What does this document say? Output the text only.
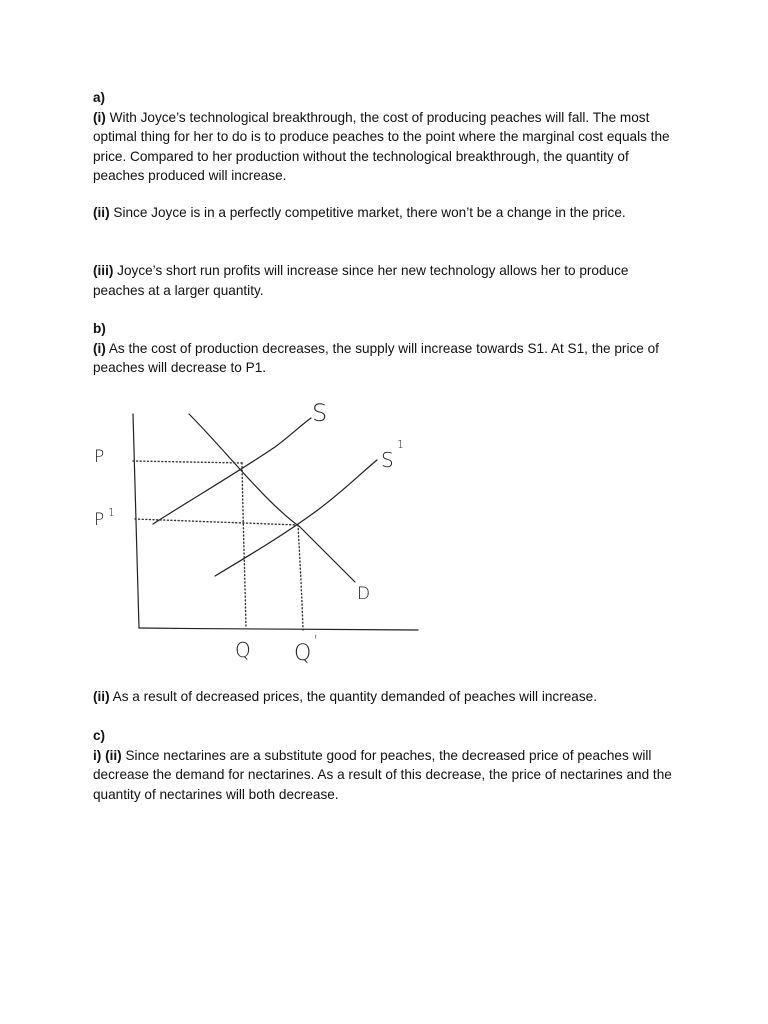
a)

(i) With Joyce’s technological breakthrough, the cost of producing peaches will fall. The most optimal thing for her to do is to produce peaches to the point where the marginal cost equals the price. Compared to her production without the technological breakthrough, the quantity of peaches produced will increase.

(ii) Since Joyce is in a perfectly competitive market, there won’t be a change in the price.

(iii) Joyce’s short run profits will increase since her new technology allows her to produce peaches at a larger quantity.

b)

(i) As the cost of production decreases, the supply will increase towards S1. At S1, the price of peaches will decrease to P1.

S
S
1
D
P
P 1
Q Q '

(ii) As a result of decreased prices, the quantity demanded of peaches will increase.

c)

i) (ii) Since nectarines are a substitute good for peaches, the decreased price of peaches will decrease the demand for nectarines. As a result of this decrease, the price of nectarines and the quantity of nectarines will both decrease.
